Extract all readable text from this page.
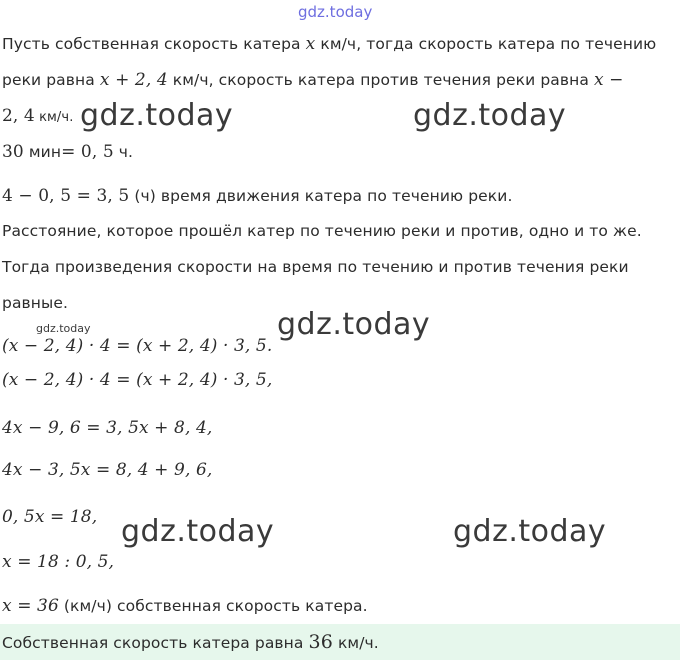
gdz.today
Пусть собственная скорость катера x км/ч, тогда скорость катера по течению
реки равна x + 2, 4 км/ч, скорость катера против течения реки равна x −
2, 4 км/ч. gdz.today	gdz.today
30 мин= 0, 5 ч.
4 − 0, 5 = 3, 5 (ч) время движения катера по течению реки.
Расстояние, которое прошёл катер по течению реки и против, одно и то же.
Тогда произведения скорости на время по течению и против течения реки
равные.
gdz.today	gdz.today
(x − 2, 4) · 4 = (x + 2, 4) · 3, 5.
(x − 2, 4) · 4 = (x + 2, 4) · 3, 5,
4x − 9, 6 = 3, 5x + 8, 4,
4x − 3, 5x = 8, 4 + 9, 6,
0, 5x = 18, gdz.today	gdz.today
x = 18 : 0, 5,
x = 36 (км/ч) собственная скорость катера.
Собственная скорость катера равна 36 км/ч.
